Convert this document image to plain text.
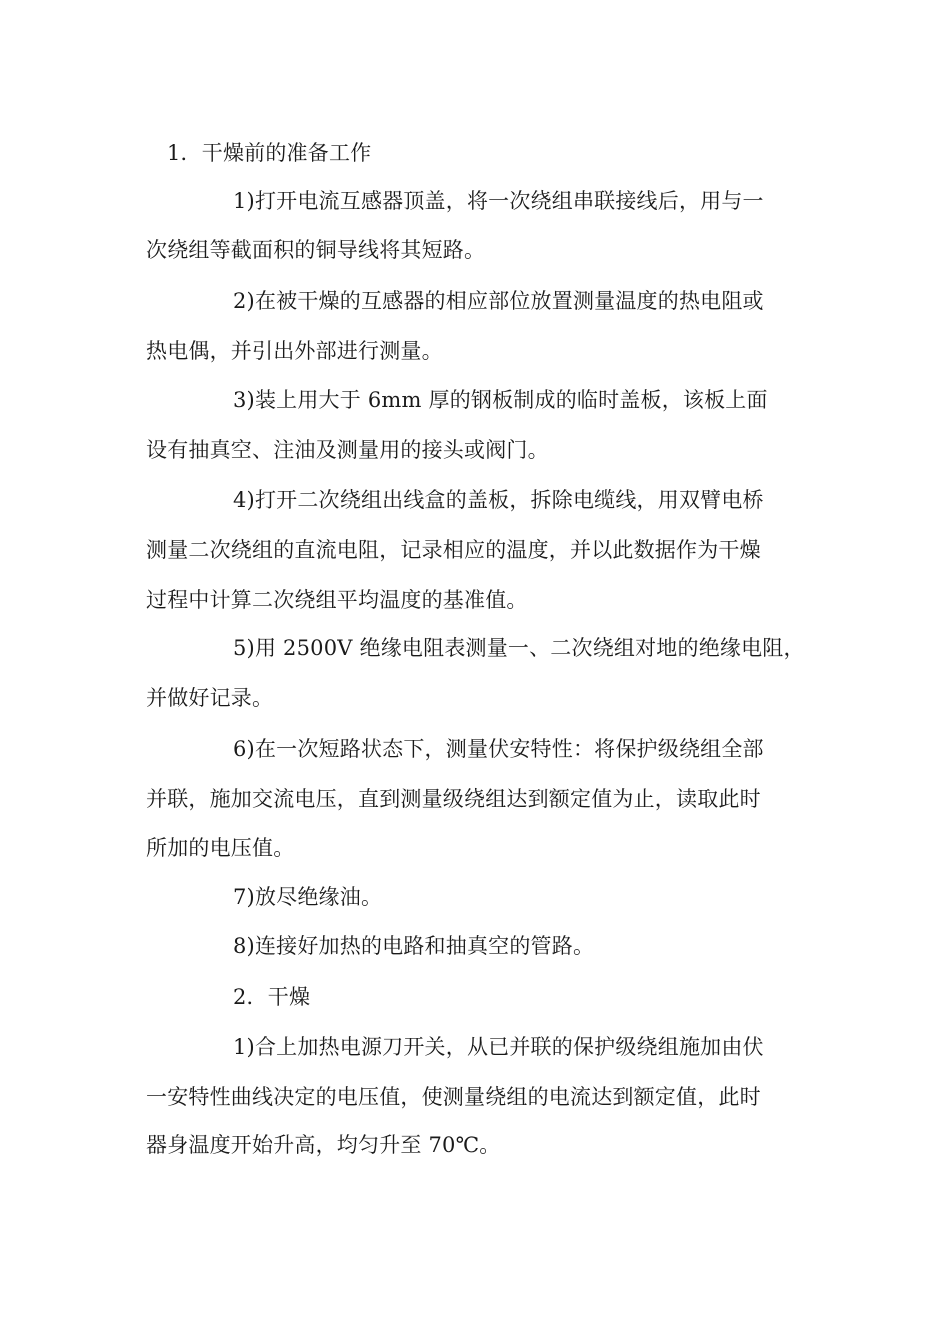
1．干燥前的准备工作
1)打开电流互感器顶盖，将一次绕组串联接线后，用与一
次绕组等截面积的铜导线将其短路。
2)在被干燥的互感器的相应部位放置测量温度的热电阻或
热电偶，并引出外部进行测量。
3)装上用大于 6mm 厚的钢板制成的临时盖板，该板上面
设有抽真空、注油及测量用的接头或阀门。
4)打开二次绕组出线盒的盖板，拆除电缆线，用双臂电桥
测量二次绕组的直流电阻，记录相应的温度，并以此数据作为干燥
过程中计算二次绕组平均温度的基准值。
5)用 2500V 绝缘电阻表测量一、二次绕组对地的绝缘电阻，
并做好记录。
6)在一次短路状态下，测量伏安特性：将保护级绕组全部
并联，施加交流电压，直到测量级绕组达到额定值为止，读取此时
所加的电压值。
7)放尽绝缘油。
8)连接好加热的电路和抽真空的管路。
2．干燥
1)合上加热电源刀开关，从已并联的保护级绕组施加由伏
一安特性曲线决定的电压值，使测量绕组的电流达到额定值，此时
器身温度开始升高，均匀升至 70℃。
